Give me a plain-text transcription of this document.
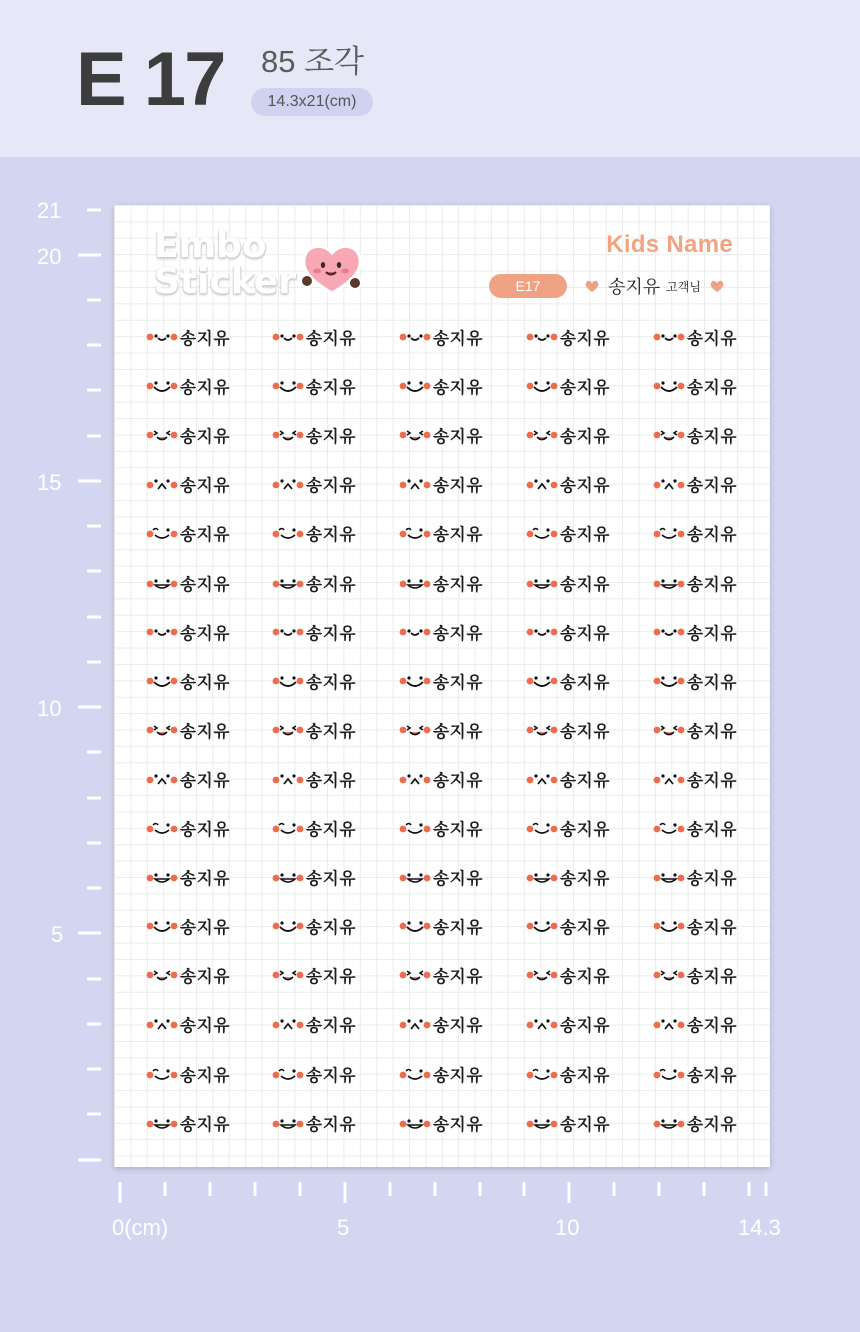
E 17 85 조각
14.3x21(cm)
21
20
15
10
5
0(cm)	5	10	14.3
Embo
Sticker
Kids Name
E17	송지유 고객님
송지유	송지유	송지유	송지유	송지유
송지유	송지유	송지유	송지유	송지유
송지유	송지유	송지유	송지유	송지유
송지유	송지유	송지유	송지유	송지유
송지유	송지유	송지유	송지유	송지유
송지유	송지유	송지유	송지유	송지유
송지유	송지유	송지유	송지유	송지유
송지유	송지유	송지유	송지유	송지유
송지유	송지유	송지유	송지유	송지유
송지유	송지유	송지유	송지유	송지유
송지유	송지유	송지유	송지유	송지유
송지유	송지유	송지유	송지유	송지유
송지유	송지유	송지유	송지유	송지유
송지유	송지유	송지유	송지유	송지유
송지유	송지유	송지유	송지유	송지유
송지유	송지유	송지유	송지유	송지유
송지유	송지유	송지유	송지유	송지유
